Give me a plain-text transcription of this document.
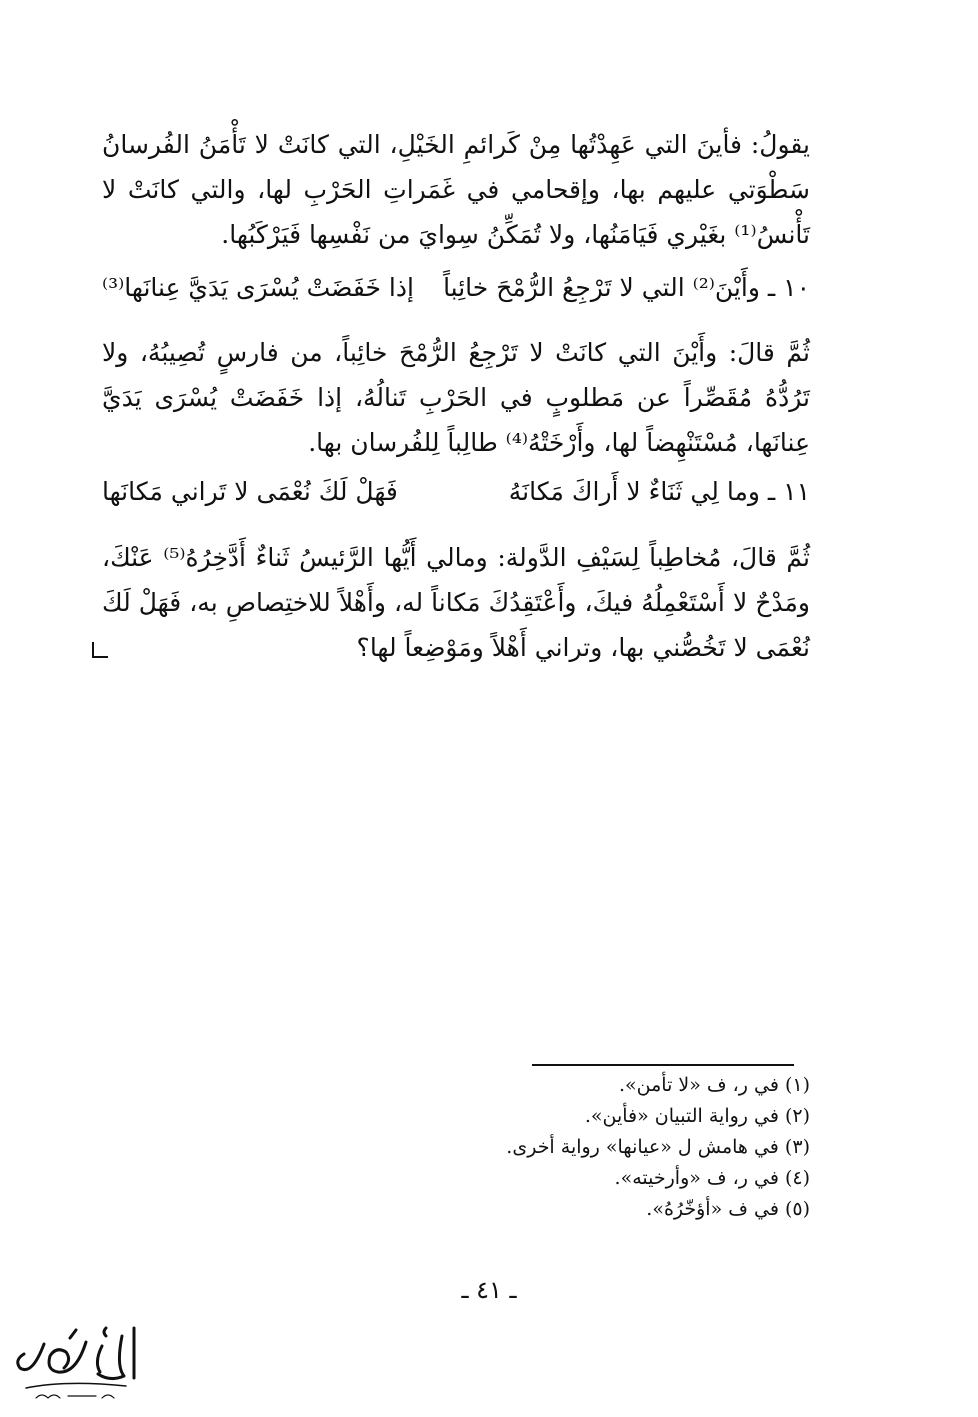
يقولُ: فأينَ التي عَهِدْتُها مِنْ كَرائمِ الخَيْلِ، التي كانَتْ لا تَأْمَنُ الفُرسانُ سَطْوَتي عليهم بها، وإقحامي في غَمَراتِ الحَرْبِ لها، والتي كانَتْ لا تَأْنسُ⁽¹⁾ بغَيْري فَيَامَنُها، ولا تُمَكِّنُ سِوايَ من نَفْسِها فَيَرْكَبُها.

١٠ ـ وأَيْنَ⁽²⁾ التي لا تَرْجِعُ الرُّمْحَ خائِباً
إذا خَفَضَتْ يُسْرَى يَدَيَّ عِنانَها⁽³⁾

ثُمَّ قالَ: وأَيْنَ التي كانَتْ لا تَرْجِعُ الرُّمْحَ خائِباً، من فارسٍ تُصِيبُهُ، ولا تَرُدُّهُ مُقَصِّراً عن مَطلوبٍ في الحَرْبِ تَنالُهُ، إذا خَفَضَتْ يُسْرَى يَدَيَّ عِنانَها، مُسْتَنْهِضاً لها، وأَرْخَتْهُ⁽⁴⁾ طالِباً لِلفُرسان بها.

١١ ـ وما لِي ثَنَاءٌ لا أَراكَ مَكانَهُ
فَهَلْ لَكَ نُعْمَى لا تَراني مَكانَها

ثُمَّ قالَ، مُخاطِباً لِسَيْفِ الدَّولة: ومالي أَيُّها الرَّئيسُ ثَناءٌ أَدَّخِرُهُ⁽⁵⁾ عَنْكَ، ومَدْحٌ لا أَسْتَعْمِلُهُ فيكَ، وأَعْتَقِدُكَ مَكاناً له، وأَهْلاً للاختِصاصِ به، فَهَلْ لَكَ نُعْمَى لا تَخُصُّني بها، وتراني أَهْلاً ومَوْضِعاً لها؟

(١) في ر، ف «لا تأمن».
(٢) في رواية التبيان «فأين».
(٣) في هامش ل «عيانها» رواية أخرى.
(٤) في ر، ف «وأرخيته».
(٥) في ف «أؤخّرُهُ».
ـ ٤١ ـ
